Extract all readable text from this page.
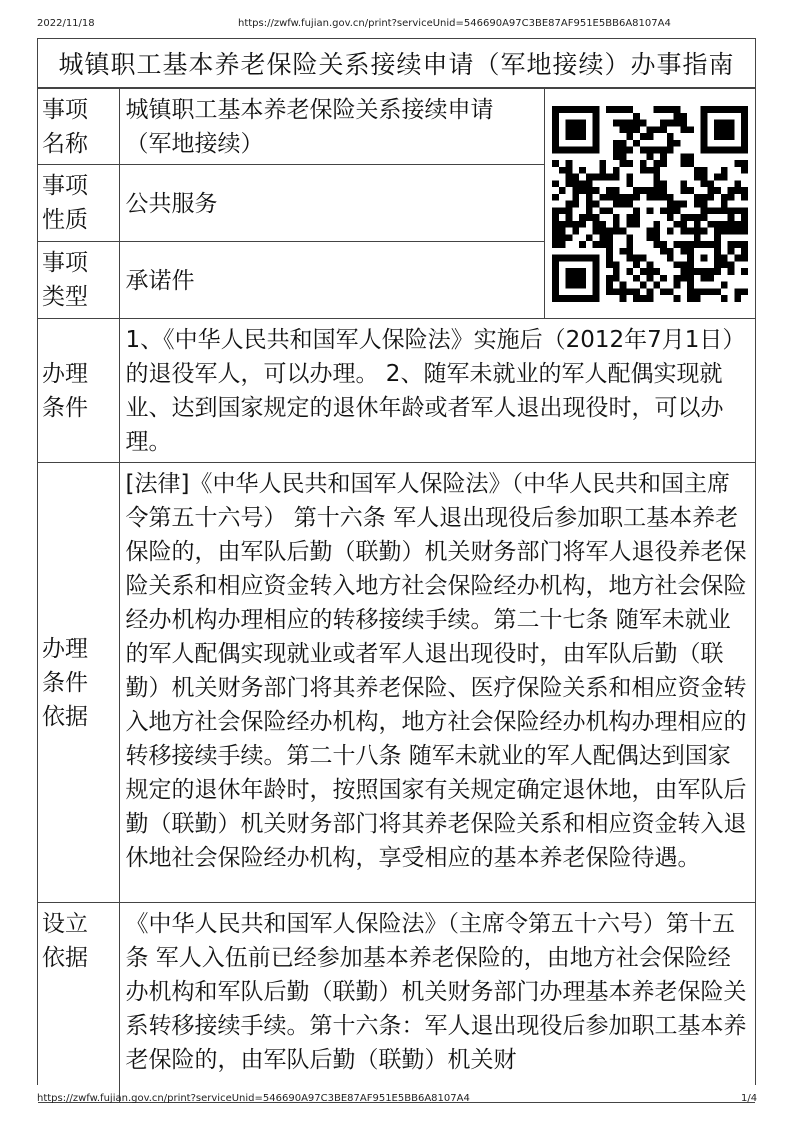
2022/11/18	https://zwfw.fujian.gov.cn/print?serviceUnid=546690A97C3BE87AF951E5BB6A8107A4
城镇职工基本养老保险关系接续申请（军地接续）办事指南
事项名称	城镇职工基本养老保险关系接续申请（军地接续）	

事项性质	公共服务	
事项类型	承诺件	
办理条件	1、《中华人民共和国军人保险法》实施后（2012年7月1日）的退役军人，可以办理。 2、随军未就业的军人配偶实现就业、达到国家规定的退休年龄或者军人退出现役时，可以办理。	
办理条件依据	[法律]《中华人民共和国军人保险法》（中华人民共和国主席令第五十六号） 第十六条 军人退出现役后参加职工基本养老保险的，由军队后勤（联勤）机关财务部门将军人退役养老保险关系和相应资金转入地方社会保险经办机构，地方社会保险经办机构办理相应的转移接续手续。第二十七条 随军未就业的军人配偶实现就业或者军人退出现役时，由军队后勤（联勤）机关财务部门将其养老保险、医疗保险关系和相应资金转入地方社会保险经办机构，地方社会保险经办机构办理相应的转移接续手续。第二十八条 随军未就业的军人配偶达到国家规定的退休年龄时，按照国家有关规定确定退休地，由军队后勤（联勤）机关财务部门将其养老保险关系和相应资金转入退休地社会保险经办机构，享受相应的基本养老保险待遇。	
设立依据	《中华人民共和国军人保险法》（主席令第五十六号）第十五条 军人入伍前已经参加基本养老保险的，由地方社会保险经办机构和军队后勤（联勤）机关财务部门办理基本养老保险关系转移接续手续。第十六条：军人退出现役后参加职工基本养老保险的，由军队后勤（联勤）机关财	
https://zwfw.fujian.gov.cn/print?serviceUnid=546690A97C3BE87AF951E5BB6A8107A4	1/4
